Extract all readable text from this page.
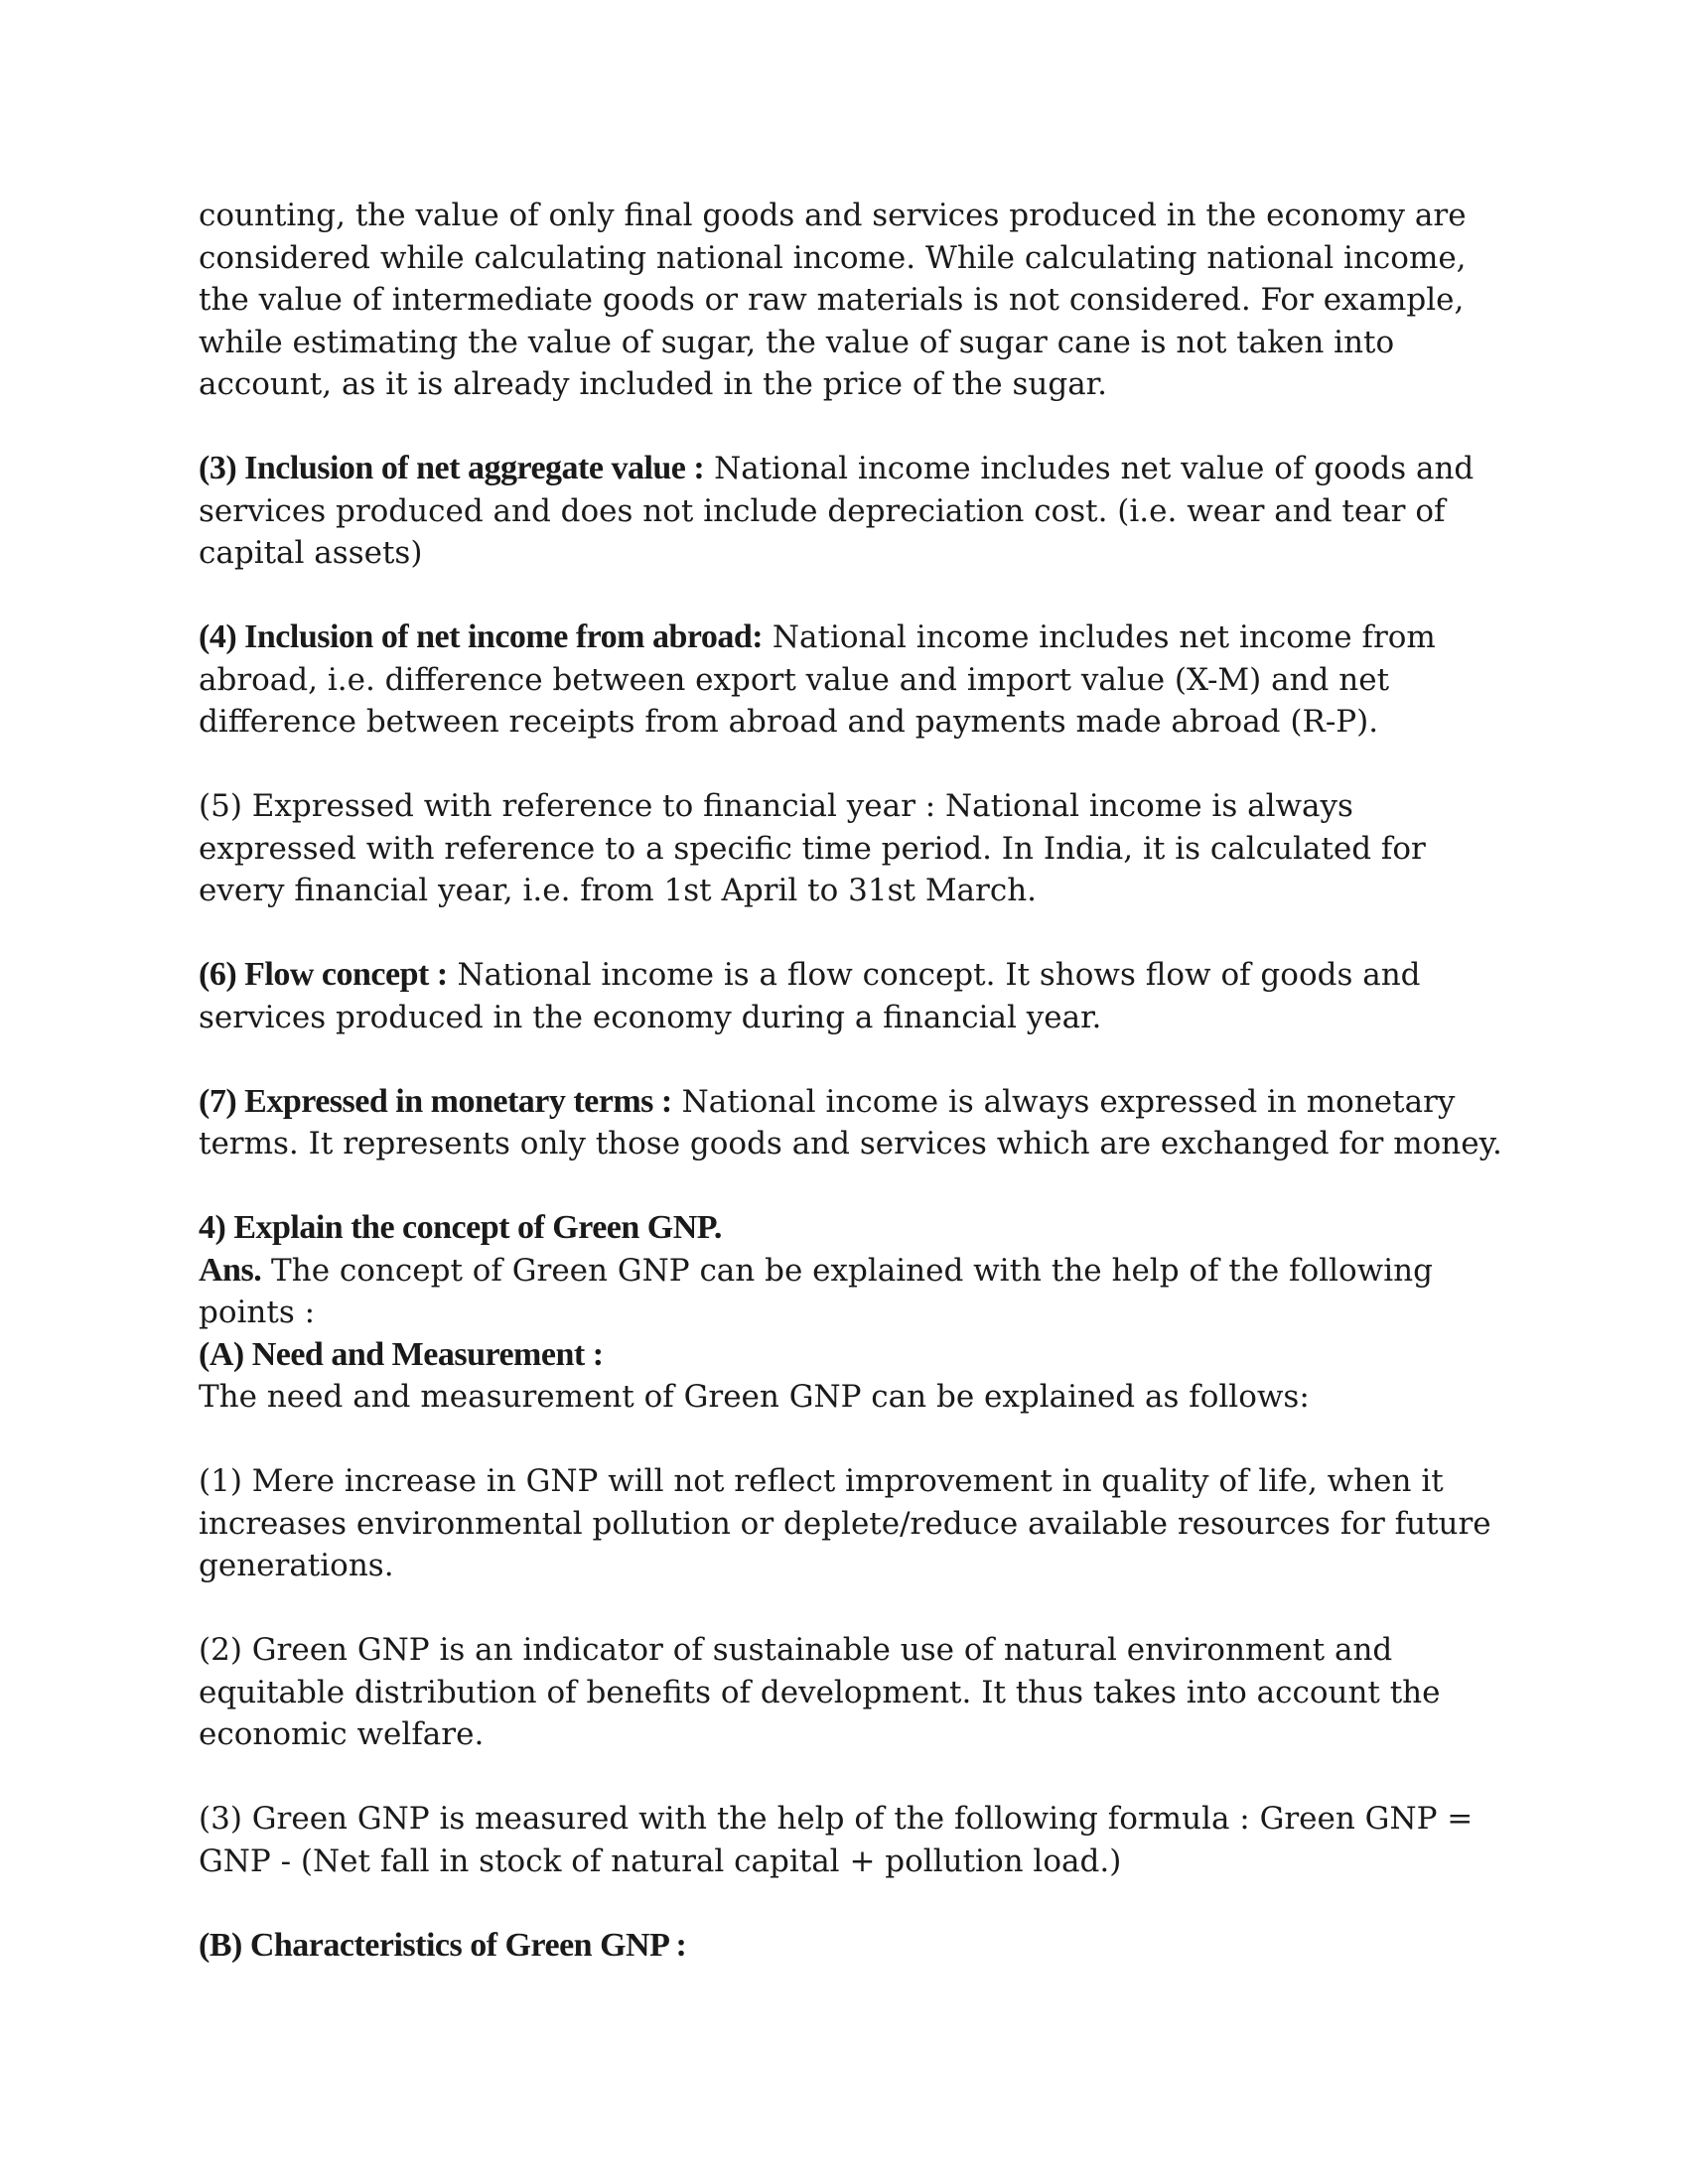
counting, the value of only final goods and services produced in the economy are considered while calculating national income. While calculating national income, the value of intermediate goods or raw materials is not considered. For example, while estimating the value of sugar, the value of sugar cane is not taken into account, as it is already included in the price of the sugar.

(3) Inclusion of net aggregate value : National income includes net value of goods and services produced and does not include depreciation cost. (i.e. wear and tear of capital assets)

(4) Inclusion of net income from abroad: National income includes net income from abroad, i.e. difference between export value and import value (X-M) and net difference between receipts from abroad and payments made abroad (R-P).

(5) Expressed with reference to financial year : National income is always expressed with reference to a specific time period. In India, it is calculated for every financial year, i.e. from 1st April to 31st March.

(6) Flow concept : National income is a flow concept. It shows flow of goods and services produced in the economy during a financial year.

(7) Expressed in monetary terms : National income is always expressed in monetary terms. It represents only those goods and services which are exchanged for money.

4) Explain the concept of Green GNP.

Ans. The concept of Green GNP can be explained with the help of the following points :

(A) Need and Measurement :

The need and measurement of Green GNP can be explained as follows:

(1) Mere increase in GNP will not reflect improvement in quality of life, when it increases environmental pollution or deplete/reduce available resources for future generations.

(2) Green GNP is an indicator of sustainable use of natural environment and equitable distribution of benefits of development. It thus takes into account the economic welfare.

(3) Green GNP is measured with the help of the following formula : Green GNP = GNP - (Net fall in stock of natural capital + pollution load.)

(B) Characteristics of Green GNP :
